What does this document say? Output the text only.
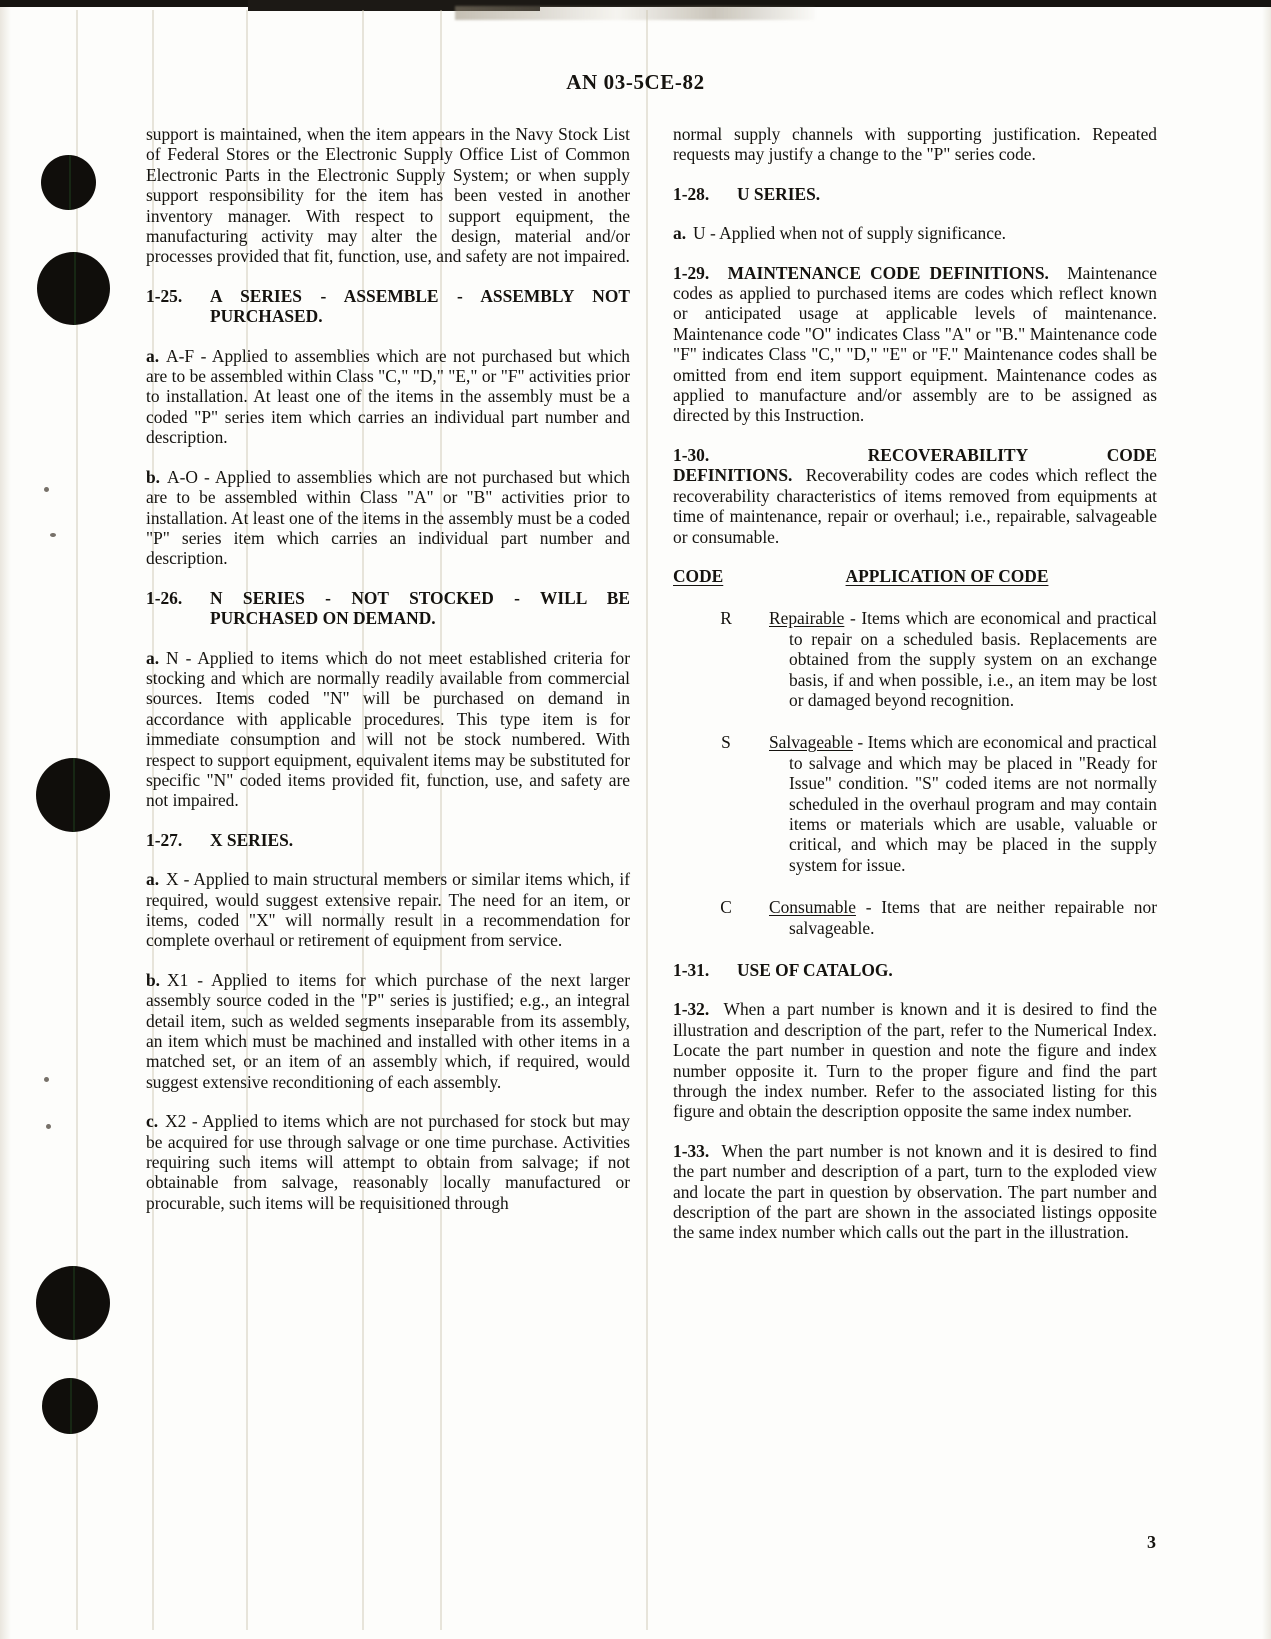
AN 03-5CE-82

support is maintained, when the item appears in the Navy Stock List of Federal Stores or the Electronic Supply Office List of Common Electronic Parts in the Electronic Supply System; or when supply support responsibility for the item has been vested in another inventory manager. With respect to support equipment, the manufacturing activity may alter the design, material and/or processes provided that fit, function, use, and safety are not impaired.

1-25.	A SERIES - ASSEMBLE - ASSEMBLY NOT PURCHASED.

a. A-F - Applied to assemblies which are not purchased but which are to be assembled within Class "C," "D," "E," or "F" activities prior to installation. At least one of the items in the assembly must be a coded "P" series item which carries an individual part number and description.

b. A-O - Applied to assemblies which are not purchased but which are to be assembled within Class "A" or "B" activities prior to installation. At least one of the items in the assembly must be a coded "P" series item which carries an individual part number and description.

1-26.	N SERIES - NOT STOCKED - WILL BE PURCHASED ON DEMAND.

a. N - Applied to items which do not meet established criteria for stocking and which are normally readily available from commercial sources. Items coded "N" will be purchased on demand in accordance with applicable procedures. This type item is for immediate consumption and will not be stock numbered. With respect to support equipment, equivalent items may be substituted for specific "N" coded items provided fit, function, use, and safety are not impaired.

1-27.	X SERIES.

a. X - Applied to main structural members or similar items which, if required, would suggest extensive repair. The need for an item, or items, coded "X" will normally result in a recommendation for complete overhaul or retirement of equipment from service.

b. X1 - Applied to items for which purchase of the next larger assembly source coded in the "P" series is justified; e.g., an integral detail item, such as welded segments inseparable from its assembly, an item which must be machined and installed with other items in a matched set, or an item of an assembly which, if required, would suggest extensive reconditioning of each assembly.

c. X2 - Applied to items which are not purchased for stock but may be acquired for use through salvage or one time purchase. Activities requiring such items will attempt to obtain from salvage; if not obtainable from salvage, reasonably locally manufactured or procurable, such items will be requisitioned through

normal supply channels with supporting justification. Repeated requests may justify a change to the "P" series code.

1-28.	U SERIES.

a. U - Applied when not of supply significance.

1-29. MAINTENANCE CODE DEFINITIONS. Maintenance codes as applied to purchased items are codes which reflect known or anticipated usage at applicable levels of maintenance. Maintenance code "O" indicates Class "A" or "B." Maintenance code "F" indicates Class "C," "D," "E" or "F." Maintenance codes shall be omitted from end item support equipment. Maintenance codes as applied to manufacture and/or assembly are to be assigned as directed by this Instruction.

1-30.	RECOVERABILITY CODE DEFINITIONS. Recoverability codes are codes which reflect the recoverability characteristics of items removed from equipments at time of maintenance, repair or overhaul; i.e., repairable, salvageable or consumable.

CODE	APPLICATION OF CODE
R	Repairable - Items which are economical and practical to repair on a scheduled basis. Replacements are obtained from the supply system on an exchange basis, if and when possible, i.e., an item may be lost or damaged beyond recognition.
S	Salvageable - Items which are economical and practical to salvage and which may be placed in "Ready for Issue" condition. "S" coded items are not normally scheduled in the overhaul program and may contain items or materials which are usable, valuable or critical, and which may be placed in the supply system for issue.
C	Consumable - Items that are neither repairable nor salvageable.
1-31.	USE OF CATALOG.

1-32. When a part number is known and it is desired to find the illustration and description of the part, refer to the Numerical Index. Locate the part number in question and note the figure and index number opposite it. Turn to the proper figure and find the part through the index number. Refer to the associated listing for this figure and obtain the description opposite the same index number.

1-33. When the part number is not known and it is desired to find the part number and description of a part, turn to the exploded view and locate the part in question by observation. The part number and description of the part are shown in the associated listings opposite the same index number which calls out the part in the illustration.

3
